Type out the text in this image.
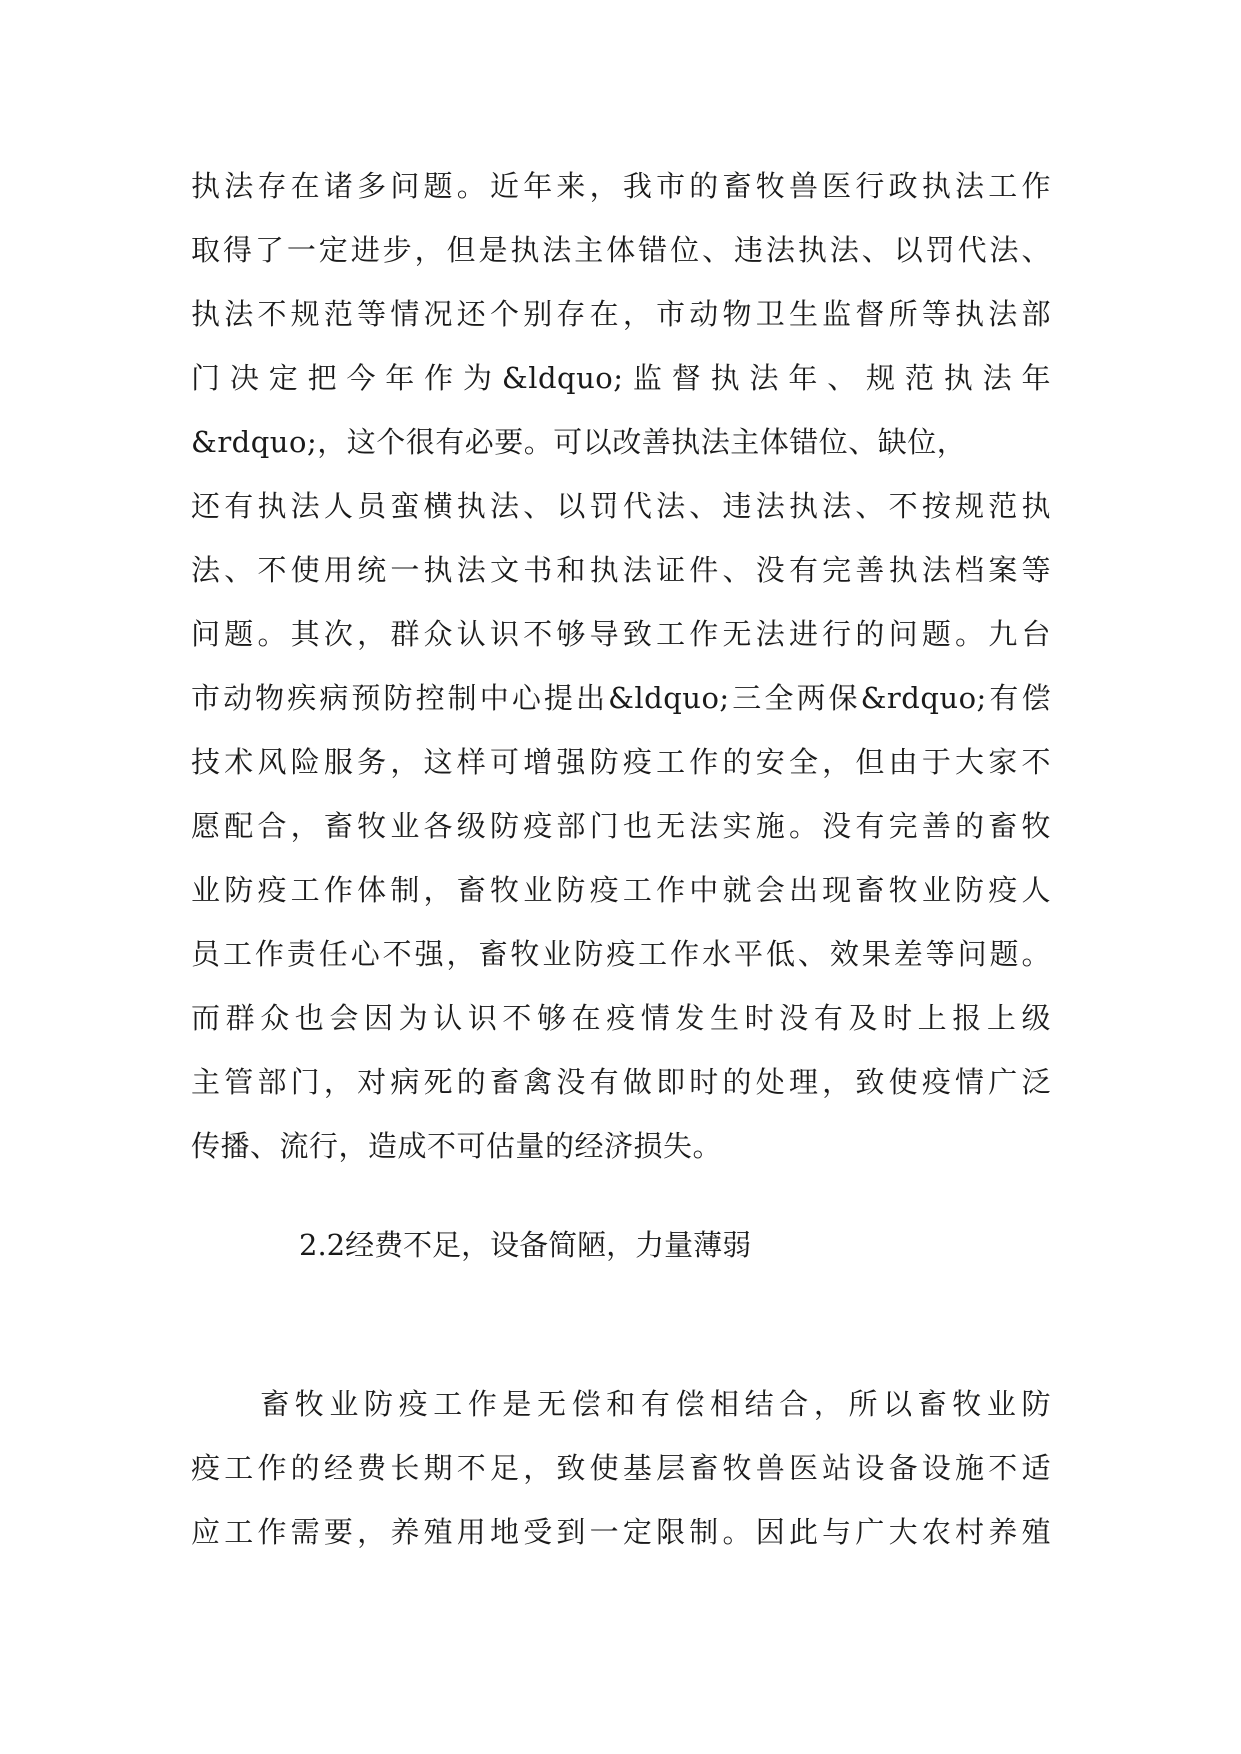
执法存在诸多问题。近年来，我市的畜牧兽医行政执法工作
取得了一定进步，但是执法主体错位、违法执法、以罚代法、
执法不规范等情况还个别存在，市动物卫生监督所等执法部
门决定把今年作为&ldquo;监督执法年、规范执法年
&rdquo;，这个很有必要。可以改善执法主体错位、缺位，
还有执法人员蛮横执法、以罚代法、违法执法、不按规范执
法、不使用统一执法文书和执法证件、没有完善执法档案等
问题。其次，群众认识不够导致工作无法进行的问题。九台
市动物疾病预防控制中心提出&ldquo;三全两保&rdquo;有偿
技术风险服务，这样可增强防疫工作的安全，但由于大家不
愿配合，畜牧业各级防疫部门也无法实施。没有完善的畜牧
业防疫工作体制，畜牧业防疫工作中就会出现畜牧业防疫人
员工作责任心不强，畜牧业防疫工作水平低、效果差等问题。
而群众也会因为认识不够在疫情发生时没有及时上报上级
主管部门，对病死的畜禽没有做即时的处理，致使疫情广泛
传播、流行，造成不可估量的经济损失。
2.2经费不足，设备简陋，力量薄弱
　　畜牧业防疫工作是无偿和有偿相结合，所以畜牧业防
疫工作的经费长期不足，致使基层畜牧兽医站设备设施不适
应工作需要，养殖用地受到一定限制。因此与广大农村养殖
